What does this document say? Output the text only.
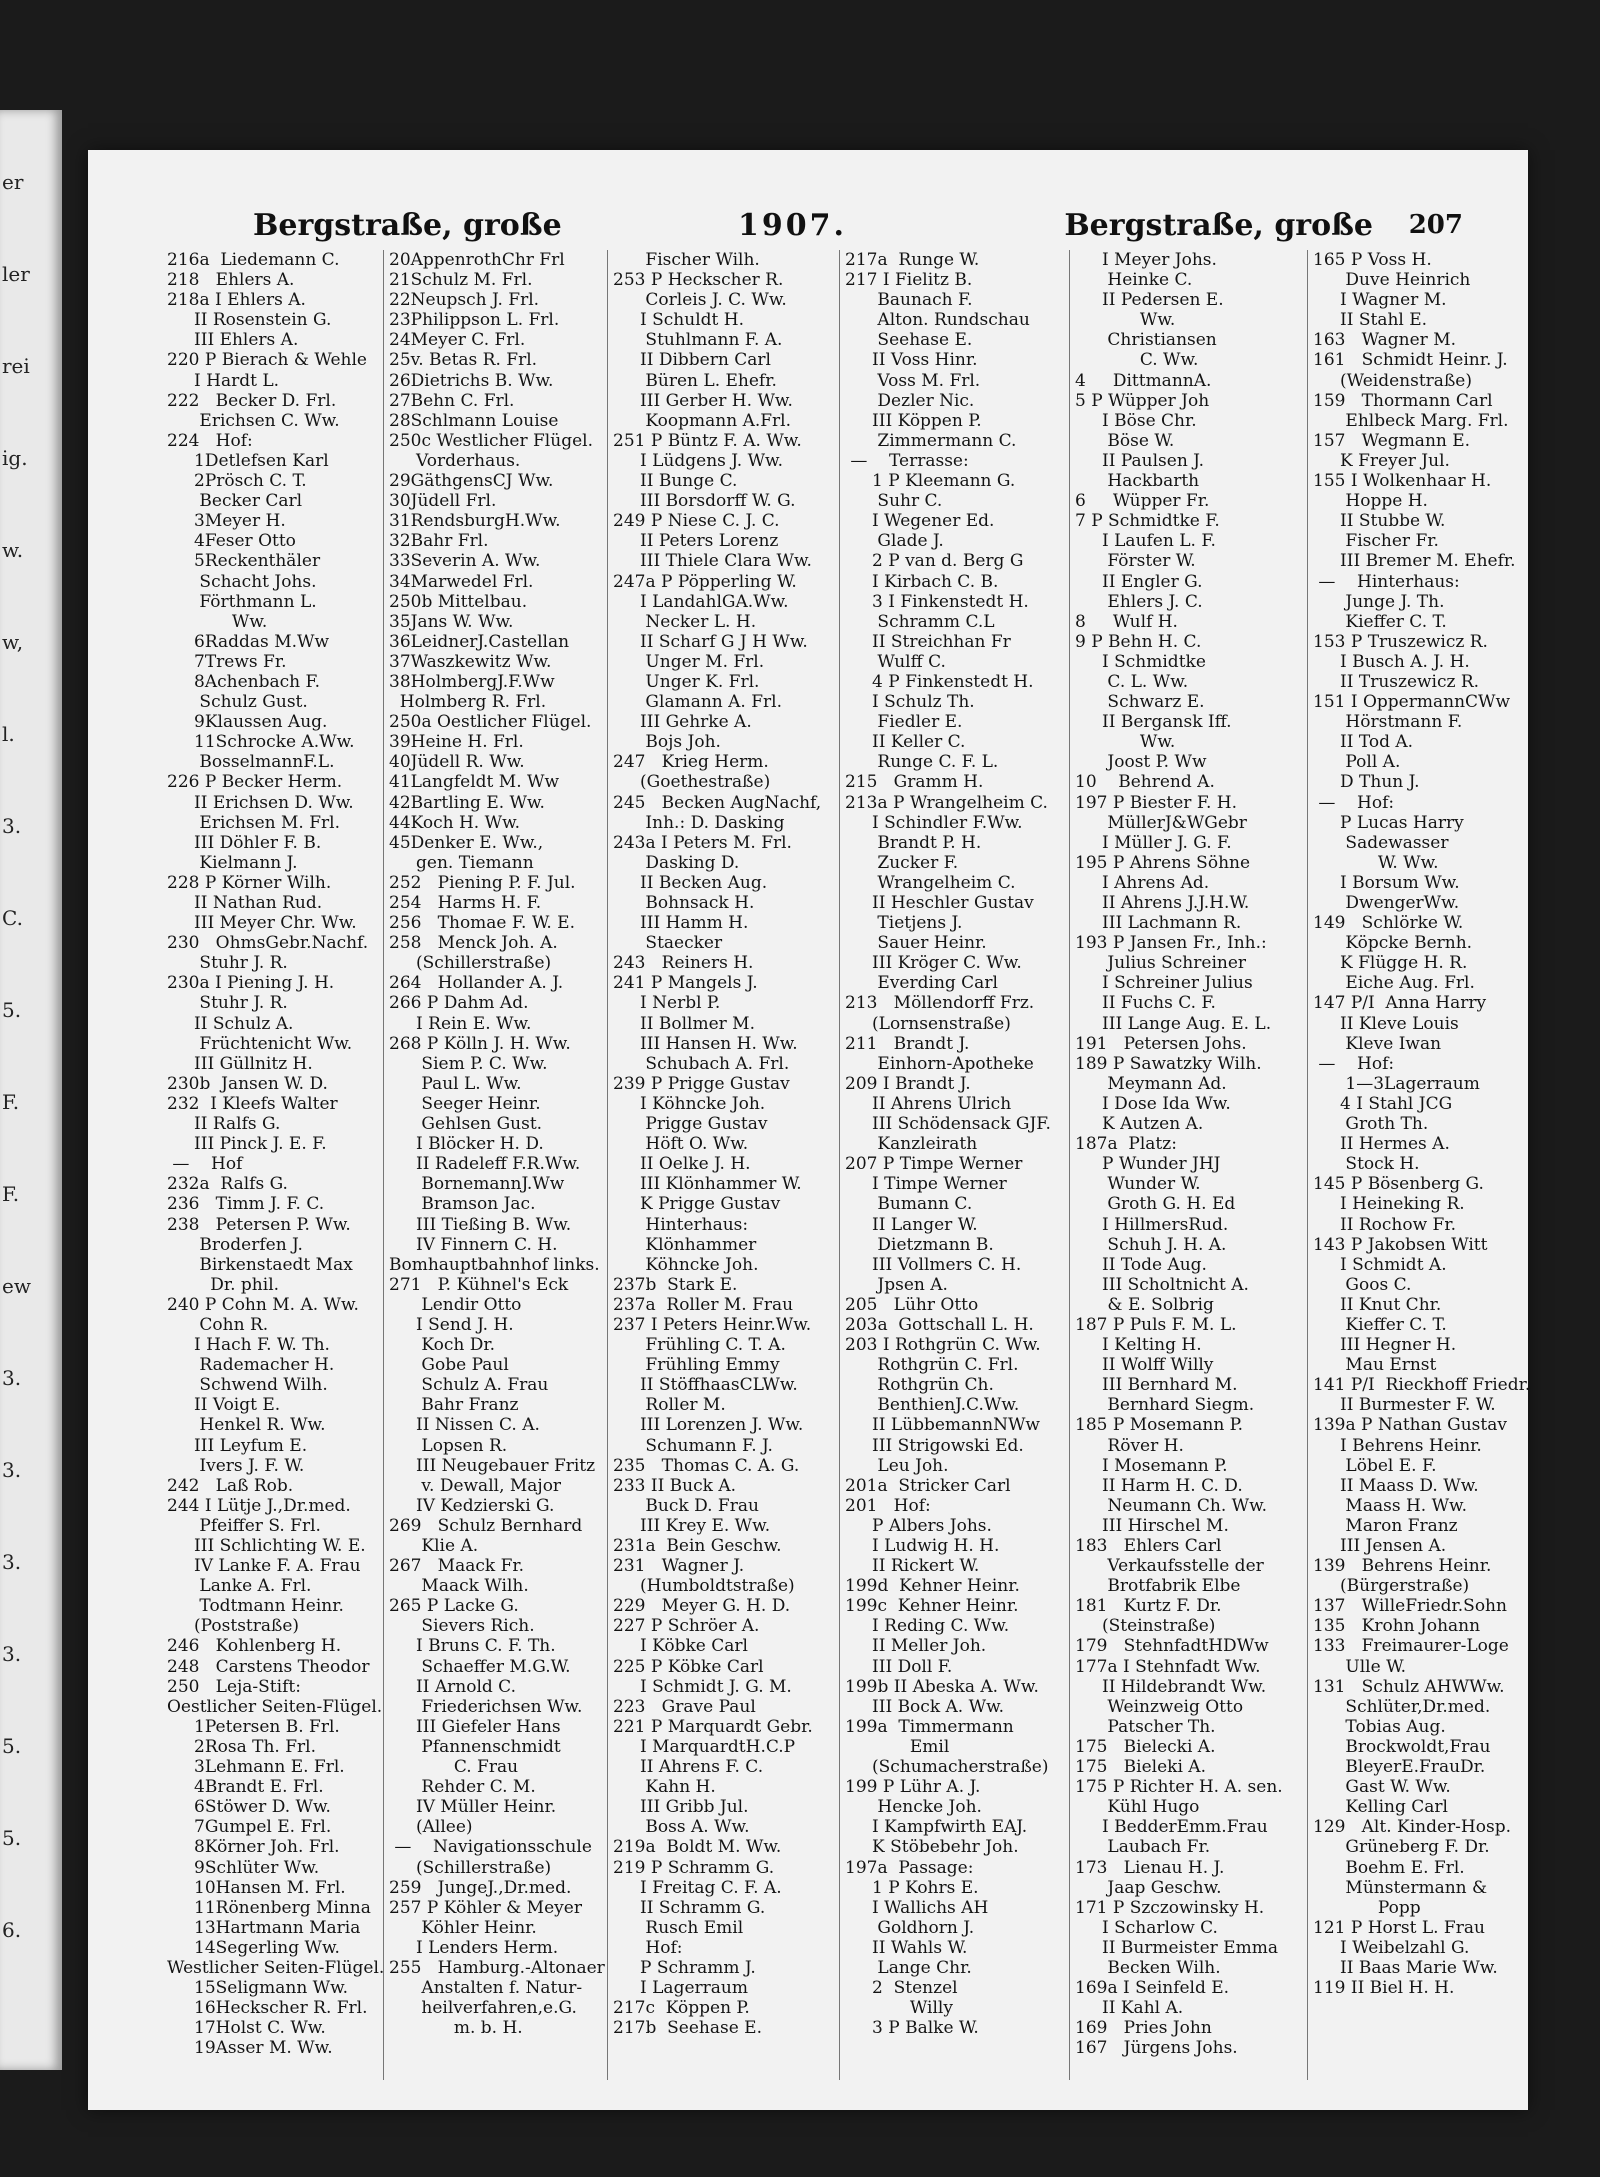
er
ler
rei
ig.
w.
w,
l.
3.
C.
5.
F.
F.
ew
3.
3.
3.
3.
5.
5.
6.
Bergstraße, große	1907.	Bergstraße, große 207
216a  Liedemann C.
218   Ehlers A.
218a I Ehlers A.
II Rosenstein G.
III Ehlers A.
220 P Bierach & Wehle
I Hardt L.
222   Becker D. Frl.
Erichsen C. Ww.
224   Hof:
1Detlefsen Karl
2Prösch C. T.
Becker Carl
3Meyer H.
4Feser Otto
5Reckenthäler
Schacht Johs.
Förthmann L.
Ww.
6Raddas M.Ww
7Trews Fr.
8Achenbach F.
Schulz Gust.
9Klaussen Aug.
11Schrocke A.Ww.
BosselmannF.L.
226 P Becker Herm.
II Erichsen D. Ww.
Erichsen M. Frl.
III Döhler F. B.
Kielmann J.
228 P Körner Wilh.
II Nathan Rud.
III Meyer Chr. Ww.
230   OhmsGebr.Nachf.
Stuhr J. R.
230a I Piening J. H.
Stuhr J. R.
II Schulz A.
Früchtenicht Ww.
III Güllnitz H.
230b  Jansen W. D.
232  I Kleefs Walter
II Ralfs G.
III Pinck J. E. F.
—    Hof
232a  Ralfs G.
236   Timm J. F. C.
238   Petersen P. Ww.
Broderfen J.
Birkenstaedt Max
Dr. phil.
240 P Cohn M. A. Ww.
Cohn R.
I Hach F. W. Th.
Rademacher H.
Schwend Wilh.
II Voigt E.
Henkel R. Ww.
III Leyfum E.
Ivers J. F. W.
242   Laß Rob.
244 I Lütje J.,Dr.med.
Pfeiffer S. Frl.
III Schlichting W. E.
IV Lanke F. A. Frau
Lanke A. Frl.
Todtmann Heinr.
(Poststraße)
246   Kohlenberg H.
248   Carstens Theodor
250   Leja-Stift:
Oestlicher Seiten-Flügel.
1Petersen B. Frl.
2Rosa Th. Frl.
3Lehmann E. Frl.
4Brandt E. Frl.
6Stöwer D. Ww.
7Gumpel E. Frl.
8Körner Joh. Frl.
9Schlüter Ww.
10Hansen M. Frl.
11Rönenberg Minna
13Hartmann Maria
14Segerling Ww.
Westlicher Seiten-Flügel.
15Seligmann Ww.
16Heckscher R. Frl.
17Holst C. Ww.
19Asser M. Ww.
20AppenrothChr Frl
21Schulz M. Frl.
22Neupsch J. Frl.
23Philippson L. Frl.
24Meyer C. Frl.
25v. Betas R. Frl.
26Dietrichs B. Ww.
27Behn C. Frl.
28Schlmann Louise
250c Westlicher Flügel.
Vorderhaus.
29GäthgensCJ Ww.
30Jüdell Frl.
31RendsburgH.Ww.
32Bahr Frl.
33Severin A. Ww.
34Marwedel Frl.
250b Mittelbau.
35Jans W. Ww.
36LeidnerJ.Castellan
37Waszkewitz Ww.
38HolmbergJ.F.Ww
Holmberg R. Frl.
250a Oestlicher Flügel.
39Heine H. Frl.
40Jüdell R. Ww.
41Langfeldt M. Ww
42Bartling E. Ww.
44Koch H. Ww.
45Denker E. Ww.,
gen. Tiemann
252   Piening P. F. Jul.
254   Harms H. F.
256   Thomae F. W. E.
258   Menck Joh. A.
(Schillerstraße)
264   Hollander A. J.
266 P Dahm Ad.
I Rein E. Ww.
268 P Kölln J. H. Ww.
Siem P. C. Ww.
Paul L. Ww.
Seeger Heinr.
Gehlsen Gust.
I Blöcker H. D.
II Radeleff F.R.Ww.
BornemannJ.Ww
Bramson Jac.
III Tießing B. Ww.
IV Finnern C. H.
Bomhauptbahnhof links.
271   P. Kühnel's Eck
Lendir Otto
I Send J. H.
Koch Dr.
Gobe Paul
Schulz A. Frau
Bahr Franz
II Nissen C. A.
Lopsen R.
III Neugebauer Fritz
v. Dewall, Major
IV Kedzierski G.
269   Schulz Bernhard
Klie A.
267   Maack Fr.
Maack Wilh.
265 P Lacke G.
Sievers Rich.
I Bruns C. F. Th.
Schaeffer M.G.W.
II Arnold C.
Friederichsen Ww.
III Giefeler Hans
Pfannenschmidt
C. Frau
Rehder C. M.
IV Müller Heinr.
(Allee)
—    Navigationsschule
(Schillerstraße)
259   JungeJ.,Dr.med.
257 P Köhler & Meyer
Köhler Heinr.
I Lenders Herm.
255   Hamburg.-Altonaer
Anstalten f. Natur-
heilverfahren,e.G.
m. b. H.
Fischer Wilh.
253 P Heckscher R.
Corleis J. C. Ww.
I Schuldt H.
Stuhlmann F. A.
II Dibbern Carl
Büren L. Ehefr.
III Gerber H. Ww.
Koopmann A.Frl.
251 P Büntz F. A. Ww.
I Lüdgens J. Ww.
II Bunge C.
III Borsdorff W. G.
249 P Niese C. J. C.
II Peters Lorenz
III Thiele Clara Ww.
247a P Pöpperling W.
I LandahlGA.Ww.
Necker L. H.
II Scharf G J H Ww.
Unger M. Frl.
Unger K. Frl.
Glamann A. Frl.
III Gehrke A.
Bojs Joh.
247   Krieg Herm.
(Goethestraße)
245   Becken AugNachf,
Inh.: D. Dasking
243a I Peters M. Frl.
Dasking D.
II Becken Aug.
Bohnsack H.
III Hamm H.
Staecker
243   Reiners H.
241 P Mangels J.
I Nerbl P.
II Bollmer M.
III Hansen H. Ww.
Schubach A. Frl.
239 P Prigge Gustav
I Köhncke Joh.
Prigge Gustav
Höft O. Ww.
II Oelke J. H.
III Klönhammer W.
K Prigge Gustav
Hinterhaus:
Klönhammer
Köhncke Joh.
237b  Stark E.
237a  Roller M. Frau
237 I Peters Heinr.Ww.
Frühling C. T. A.
Frühling Emmy
II StöffhaasCLWw.
Roller M.
III Lorenzen J. Ww.
Schumann F. J.
235   Thomas C. A. G.
233 II Buck A.
Buck D. Frau
III Krey E. Ww.
231a  Bein Geschw.
231   Wagner J.
(Humboldtstraße)
229   Meyer G. H. D.
227 P Schröer A.
I Köbke Carl
225 P Köbke Carl
I Schmidt J. G. M.
223   Grave Paul
221 P Marquardt Gebr.
I MarquardtH.C.P
II Ahrens F. C.
Kahn H.
III Gribb Jul.
Boss A. Ww.
219a  Boldt M. Ww.
219 P Schramm G.
I Freitag C. F. A.
II Schramm G.
Rusch Emil
Hof:
P Schramm J.
I Lagerraum
217c  Köppen P.
217b  Seehase E.
217a  Runge W.
217 I Fielitz B.
Baunach F.
Alton. Rundschau
Seehase E.
II Voss Hinr.
Voss M. Frl.
Dezler Nic.
III Köppen P.
Zimmermann C.
—    Terrasse:
1 P Kleemann G.
Suhr C.
I Wegener Ed.
Glade J.
2 P van d. Berg G
I Kirbach C. B.
3 I Finkenstedt H.
Schramm C.L
II Streichhan Fr
Wulff C.
4 P Finkenstedt H.
I Schulz Th.
Fiedler E.
II Keller C.
Runge C. F. L.
215   Gramm H.
213a P Wrangelheim C.
I Schindler F.Ww.
Brandt P. H.
Zucker F.
Wrangelheim C.
II Heschler Gustav
Tietjens J.
Sauer Heinr.
III Kröger C. Ww.
Everding Carl
213   Möllendorff Frz.
(Lornsenstraße)
211   Brandt J.
Einhorn-Apotheke
209 I Brandt J.
II Ahrens Ulrich
III Schödensack GJF.
Kanzleirath
207 P Timpe Werner
I Timpe Werner
Bumann C.
II Langer W.
Dietzmann B.
III Vollmers C. H.
Jpsen A.
205   Lühr Otto
203a  Gottschall L. H.
203 I Rothgrün C. Ww.
Rothgrün C. Frl.
Rothgrün Ch.
BenthienJ.C.Ww.
II LübbemannNWw
III Strigowski Ed.
Leu Joh.
201a  Stricker Carl
201   Hof:
P Albers Johs.
I Ludwig H. H.
II Rickert W.
199d  Kehner Heinr.
199c  Kehner Heinr.
I Reding C. Ww.
II Meller Joh.
III Doll F.
199b II Abeska A. Ww.
III Bock A. Ww.
199a  Timmermann
Emil
(Schumacherstraße)
199 P Lühr A. J.
Hencke Joh.
I Kampfwirth EAJ.
K Stöbebehr Joh.
197a  Passage:
1 P Kohrs E.
I Wallichs AH
Goldhorn J.
II Wahls W.
Lange Chr.
2  Stenzel
Willy
3 P Balke W.
I Meyer Johs.
Heinke C.
II Pedersen E.
Ww.
Christiansen
C. Ww.
4     DittmannA.
5 P Wüpper Joh
I Böse Chr.
Böse W.
II Paulsen J.
Hackbarth
6     Wüpper Fr.
7 P Schmidtke F.
I Laufen L. F.
Förster W.
II Engler G.
Ehlers J. C.
8     Wulf H.
9 P Behn H. C.
I Schmidtke
C. L. Ww.
Schwarz E.
II Bergansk Iff.
Ww.
Joost P. Ww
10    Behrend A.
197 P Biester F. H.
MüllerJ&WGebr
I Müller J. G. F.
195 P Ahrens Söhne
I Ahrens Ad.
II Ahrens J.J.H.W.
III Lachmann R.
193 P Jansen Fr., Inh.:
Julius Schreiner
I Schreiner Julius
II Fuchs C. F.
III Lange Aug. E. L.
191   Petersen Johs.
189 P Sawatzky Wilh.
Meymann Ad.
I Dose Ida Ww.
K Autzen A.
187a  Platz:
P Wunder JHJ
Wunder W.
Groth G. H. Ed
I HillmersRud.
Schuh J. H. A.
II Tode Aug.
III Scholtnicht A.
& E. Solbrig
187 P Puls F. M. L.
I Kelting H.
II Wolff Willy
III Bernhard M.
Bernhard Siegm.
185 P Mosemann P.
Röver H.
I Mosemann P.
II Harm H. C. D.
Neumann Ch. Ww.
III Hirschel M.
183   Ehlers Carl
Verkaufsstelle der
Brotfabrik Elbe
181   Kurtz F. Dr.
(Steinstraße)
179   StehnfadtHDWw
177a I Stehnfadt Ww.
II Hildebrandt Ww.
Weinzweig Otto
Patscher Th.
175   Bielecki A.
175   Bieleki A.
175 P Richter H. A. sen.
Kühl Hugo
I BedderEmm.Frau
Laubach Fr.
173   Lienau H. J.
Jaap Geschw.
171 P Szczowinsky H.
I Scharlow C.
II Burmeister Emma
Becken Wilh.
169a I Seinfeld E.
II Kahl A.
169   Pries John
167   Jürgens Johs.
165 P Voss H.
Duve Heinrich
I Wagner M.
II Stahl E.
163   Wagner M.
161   Schmidt Heinr. J.
(Weidenstraße)
159   Thormann Carl
Ehlbeck Marg. Frl.
157   Wegmann E.
K Freyer Jul.
155 I Wolkenhaar H.
Hoppe H.
II Stubbe W.
Fischer Fr.
III Bremer M. Ehefr.
—    Hinterhaus:
Junge J. Th.
Kieffer C. T.
153 P Truszewicz R.
I Busch A. J. H.
II Truszewicz R.
151 I OppermannCWw
Hörstmann F.
II Tod A.
Poll A.
D Thun J.
—    Hof:
P Lucas Harry
Sadewasser
W. Ww.
I Borsum Ww.
DwengerWw.
149   Schlörke W.
Köpcke Bernh.
K Flügge H. R.
Eiche Aug. Frl.
147 P/I  Anna Harry
II Kleve Louis
Kleve Iwan
—    Hof:
1—3Lagerraum
4 I Stahl JCG
Groth Th.
II Hermes A.
Stock H.
145 P Bösenberg G.
I Heineking R.
II Rochow Fr.
143 P Jakobsen Witt
I Schmidt A.
Goos C.
II Knut Chr.
Kieffer C. T.
III Hegner H.
Mau Ernst
141 P/I  Rieckhoff Friedr.
II Burmester F. W.
139a P Nathan Gustav
I Behrens Heinr.
Löbel E. F.
II Maass D. Ww.
Maass H. Ww.
Maron Franz
III Jensen A.
139   Behrens Heinr.
(Bürgerstraße)
137   WilleFriedr.Sohn
135   Krohn Johann
133   Freimaurer-Loge
Ulle W.
131   Schulz AHWWw.
Schlüter,Dr.med.
Tobias Aug.
Brockwoldt,Frau
BleyerE.FrauDr.
Gast W. Ww.
Kelling Carl
129   Alt. Kinder-Hosp.
Grüneberg F. Dr.
Boehm E. Frl.
Münstermann &
Popp
121 P Horst L. Frau
I Weibelzahl G.
II Baas Marie Ww.
119 II Biel H. H.
